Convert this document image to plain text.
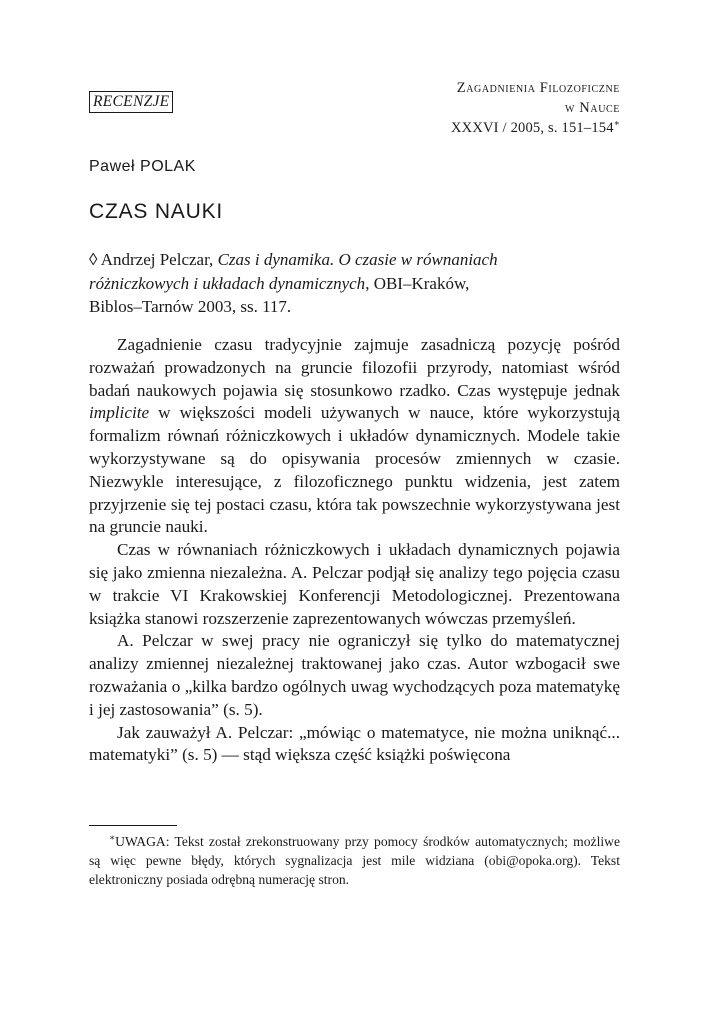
Zagadnienia Filozoficzne
w Nauce
XXXVI / 2005, s. 151–154∗
RECENZJE
Paweł POLAK
CZAS NAUKI
◊ Andrzej Pelczar, Czas i dynamika. O czasie w równaniach
różniczkowych i układach dynamicznych, OBI–Kraków,
Biblos–Tarnów 2003, ss. 117.

Zagadnienie czasu tradycyjnie zajmuje zasadniczą pozycję pośród rozważań prowadzonych na gruncie filozofii przyrody, natomiast wśród badań naukowych pojawia się stosunkowo rzadko. Czas występuje jednak implicite w większości modeli używanych w nauce, które wykorzystują formalizm równań różniczkowych i układów dynamicznych. Modele takie wykorzystywane są do opisywania procesów zmiennych w czasie. Niezwykle interesujące, z filozoficznego punktu widzenia, jest zatem przyjrzenie się tej postaci czasu, która tak powszechnie wykorzystywana jest na gruncie nauki.

Czas w równaniach różniczkowych i układach dynamicznych pojawia się jako zmienna niezależna. A. Pelczar podjął się analizy tego pojęcia czasu w trakcie VI Krakowskiej Konferencji Metodologicznej. Prezentowana książka stanowi rozszerzenie zaprezentowanych wówczas przemyśleń.

A. Pelczar w swej pracy nie ograniczył się tylko do matematycznej analizy zmiennej niezależnej traktowanej jako czas. Autor wzbogacił swe rozważania o „kilka bardzo ogólnych uwag wychodzących poza matematykę i jej zastosowania” (s. 5).

Jak zauważył A. Pelczar: „mówiąc o matematyce, nie można uniknąć... matematyki” (s. 5) — stąd większa część książki poświęcona

∗UWAGA: Tekst został zrekonstruowany przy pomocy środków automatycznych; możliwe są więc pewne błędy, których sygnalizacja jest mile widziana (obi@opoka.org). Tekst elektroniczny posiada odrębną numerację stron.
